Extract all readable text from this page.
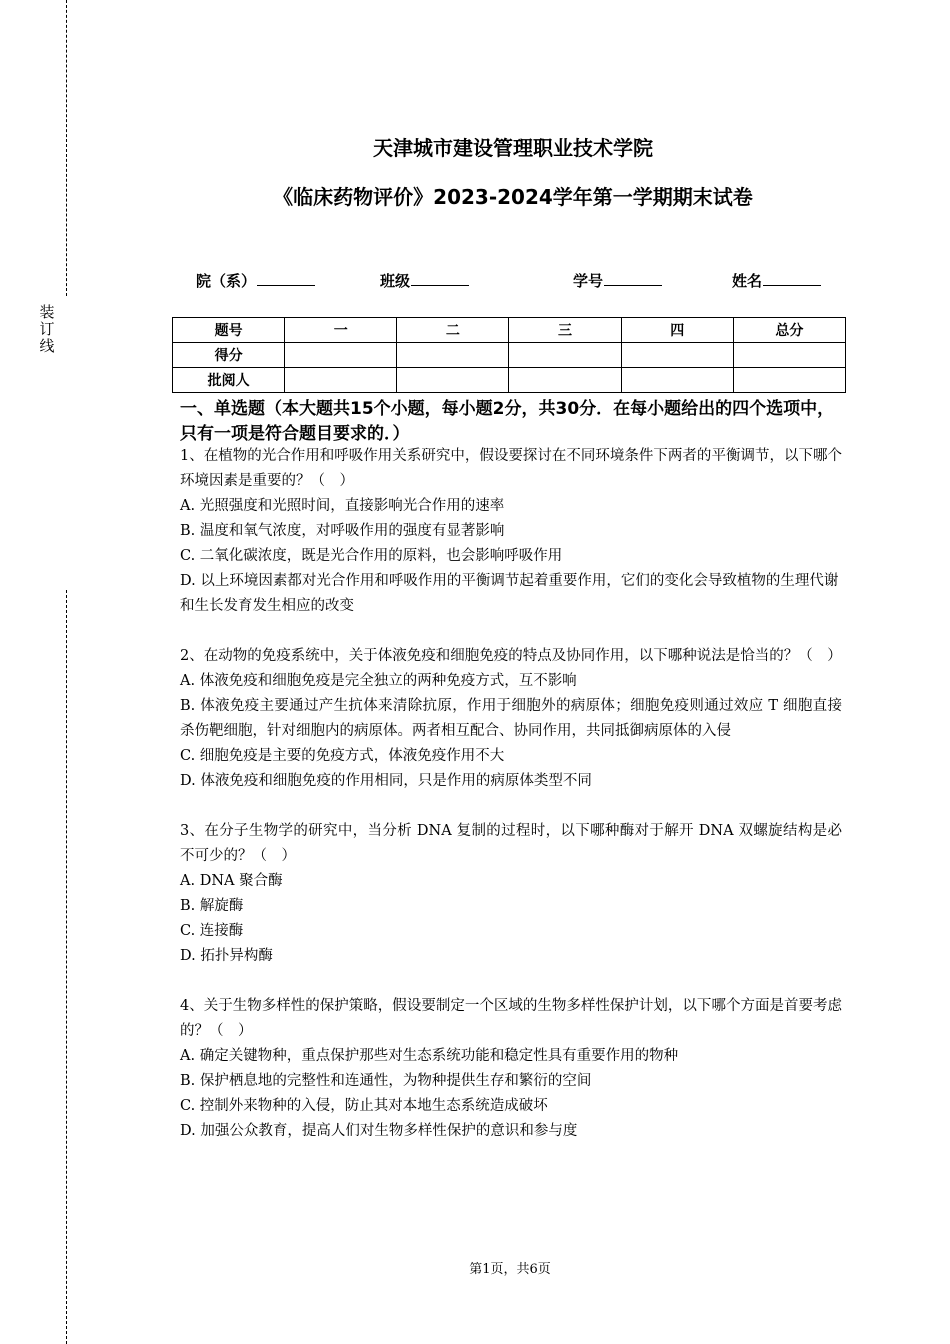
装订线
天津城市建设管理职业技术学院
《临床药物评价》2023-2024学年第一学期期末试卷
院（系）	班级	学号	姓名
题号	一	二	三	四	总分
得分					
批阅人					
一、单选题（本大题共15个小题，每小题2分，共30分．在每小题给出的四个选项中，只有一项是符合题目要求的．）
1、在植物的光合作用和呼吸作用关系研究中，假设要探讨在不同环境条件下两者的平衡调节，以下哪个环境因素是重要的？（　）
A. 光照强度和光照时间，直接影响光合作用的速率
B. 温度和氧气浓度，对呼吸作用的强度有显著影响
C. 二氧化碳浓度，既是光合作用的原料，也会影响呼吸作用
D. 以上环境因素都对光合作用和呼吸作用的平衡调节起着重要作用，它们的变化会导致植物的生理代谢和生长发育发生相应的改变
2、在动物的免疫系统中，关于体液免疫和细胞免疫的特点及协同作用，以下哪种说法是恰当的？（　）
A. 体液免疫和细胞免疫是完全独立的两种免疫方式，互不影响
B. 体液免疫主要通过产生抗体来清除抗原，作用于细胞外的病原体；细胞免疫则通过效应 T 细胞直接杀伤靶细胞，针对细胞内的病原体。两者相互配合、协同作用，共同抵御病原体的入侵
C. 细胞免疫是主要的免疫方式，体液免疫作用不大
D. 体液免疫和细胞免疫的作用相同，只是作用的病原体类型不同
3、在分子生物学的研究中，当分析 DNA 复制的过程时，以下哪种酶对于解开 DNA 双螺旋结构是必不可少的？（　）
A. DNA 聚合酶
B. 解旋酶
C. 连接酶
D. 拓扑异构酶
4、关于生物多样性的保护策略，假设要制定一个区域的生物多样性保护计划，以下哪个方面是首要考虑的？（　）
A. 确定关键物种，重点保护那些对生态系统功能和稳定性具有重要作用的物种
B. 保护栖息地的完整性和连通性，为物种提供生存和繁衍的空间
C. 控制外来物种的入侵，防止其对本地生态系统造成破坏
D. 加强公众教育，提高人们对生物多样性保护的意识和参与度
第1页，共6页
